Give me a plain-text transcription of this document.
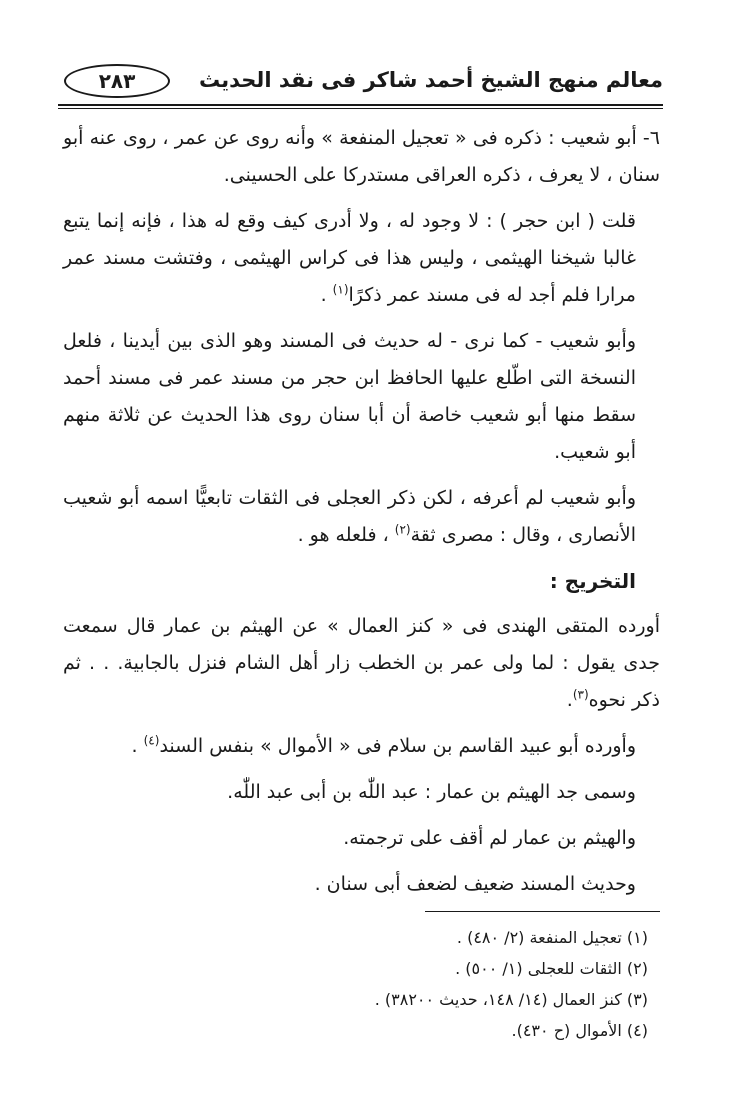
معالم منهج الشيخ أحمد شاكر فى نقد الحديث
٢٨٣

٦- أبو شعيب : ذكره فى « تعجيل المنفعة » وأنه روى عن عمر ، روى عنه أبو سنان ، لا يعرف ، ذكره العراقى مستدركا على الحسينى.

قلت ( ابن حجر ) : لا وجود له ، ولا أدرى كيف وقع له هذا ، فإنه إنما يتبع غالبا شيخنا الهيثمى ، وليس هذا فى كراس الهيثمى ، وفتشت مسند عمر مرارا فلم أجد له فى مسند عمر ذكرًا$^{(١)}$ .

وأبو شعيب - كما نرى - له حديث فى المسند وهو الذى بين أيدينا ، فلعل النسخة التى اطّلع عليها الحافظ ابن حجر من مسند عمر فى مسند أحمد سقط منها أبو شعيب خاصة أن أبا سنان روى هذا الحديث عن ثلاثة منهم أبو شعيب.

وأبو شعيب لم أعرفه ، لكن ذكر العجلى فى الثقات تابعيًّا اسمه أبو شعيب الأنصارى ، وقال : مصرى ثقة$^{(٢)}$ ، فلعله هو .

التخريج :

أورده المتقى الهندى فى « كنز العمال » عن الهيثم بن عمار قال سمعت جدى يقول : لما ولى عمر بن الخطب زار أهل الشام فنزل بالجابية. . . ثم ذكر نحوه$^{(٣)}$.

وأورده أبو عبيد القاسم بن سلام فى « الأموال » بنفس السند$^{(٤)}$ .

وسمى جد الهيثم بن عمار : عبد اللّٰه بن أبى عبد اللّٰه.

والهيثم بن عمار لم أقف على ترجمته.

وحديث المسند ضعيف لضعف أبى سنان .

(١) تعجيل المنفعة (٢/ ٤٨٠) .

(٢) الثقات للعجلى (١/ ٥٠٠) .

(٣) كنز العمال (١٤/ ١٤٨، حديث ٣٨٢٠٠) .

(٤) الأموال (ح ٤٣٠).
